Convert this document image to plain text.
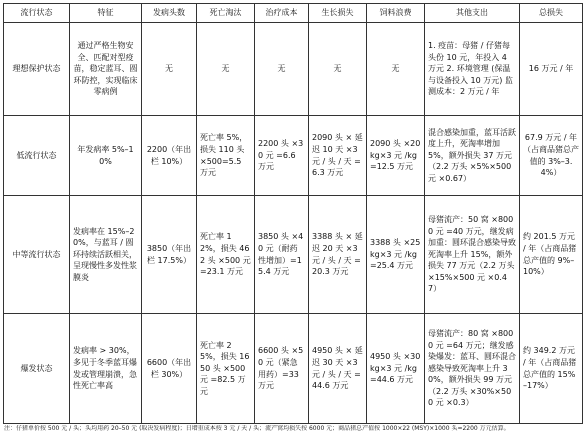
流行状态	特征	发病头数	死亡淘汰	治疗成本	生长损失	饲料浪费	其他支出	总损失
理想保护状态	通过严格生物安全、匹配对型疫苗，稳定蓝耳、圆环防控，实现临床零病例	无	无	无	无	无	1. 疫苗：母猪 / 仔猪每头份 10 元，年投入 4 万元 2. 环境管理 (保温与设备投入 10 万元) 监测成本：2 万元 / 年	16 万元 / 年
低流行状态	年发病率 5%–10%	2200（年出栏 10%）	死亡率 5%，损失 110 头×500=5.5 万元	2200 头 ×30 元 =6.6 万元	2090 头 × 延迟 10 天 ×3 元 / 头 / 天 =6.3 万元	2090 头 ×20kg×3 元 /kg=12.5 万元	混合感染加重，蓝耳活跃度上升，死淘率增加 5%，额外损失 37 万元（2.2 万头 ×5%×500 元 ×0.67）	67.9 万元 / 年（占商品猪总产值的 3%–3.4%）
中等流行状态	发病率在 15%–20%，与蓝耳 / 圆环持续活跃相关，呈现慢性多发性浆膜炎	3850（年出栏 17.5%）	死亡率 12%，损失 462 头 ×500 元 =23.1 万元	3850 头 ×40 元（耐药性增加）=15.4 万元	3388 头 × 延迟 20 天 ×3 元 / 头 / 天 =20.3 万元	3388 头 ×25kg×3 元 /kg=25.4 万元	母猪流产：50 窝 ×8000 元 =40 万元，继发病加重：圆环混合感染导致死淘率上升 15%，额外损失 77 万元（2.2 万头 ×15%×500 元 ×0.47）	约 201.5 万元 / 年（占商品猪总产值的 9%–10%）
爆发状态	发病率 > 30%，多见于冬季蓝耳爆发或管理崩溃，急性死亡率高	6600（年出栏 30%）	死亡率 25%，损失 1650 头 ×500 元 =82.5 万元	6600 头 ×50 元（紧急用药）=33 万元	4950 头 × 延迟 30 天 ×3 元 / 头 / 天 =44.6 万元	4950 头 ×30kg×3 元 /kg=44.6 万元	母猪流产：80 窝 ×8000 元 =64 万元；继发感染爆发：蓝耳、圆环混合感染导致死淘率上升 30%，额外损失 99 万元（2.2 万头 ×30%×500 元 ×0.3）	约 349.2 万元 / 年（占商品猪总产值的 15%–17%）
注：仔猪单价按 500 元 / 头；头均用药 20–50 元 (取决发病程度)；日增重成本按 3 元 / 天 / 头；流产窝均损失按 6000 元；商品猪总产值按 1000×22 (MSY)×1000 头=2200 万元估算。
